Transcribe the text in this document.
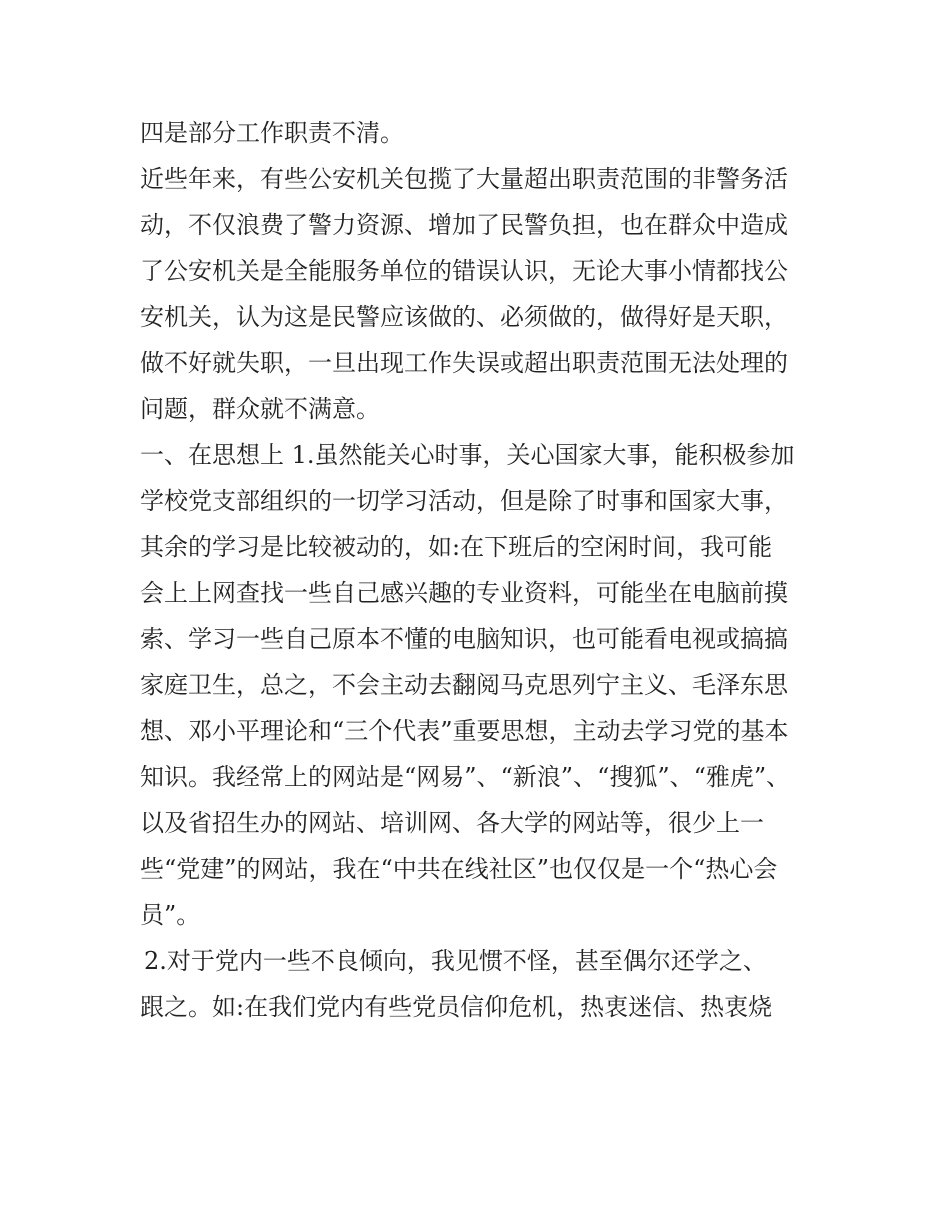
四是部分工作职责不清。
近些年来，有些公安机关包揽了大量超出职责范围的非警务活
动，不仅浪费了警力资源、增加了民警负担，也在群众中造成
了公安机关是全能服务单位的错误认识，无论大事小情都找公
安机关，认为这是民警应该做的、必须做的，做得好是天职，
做不好就失职，一旦出现工作失误或超出职责范围无法处理的
问题，群众就不满意。
一、在思想上 1.虽然能关心时事，关心国家大事，能积极参加
学校党支部组织的一切学习活动，但是除了时事和国家大事，
其余的学习是比较被动的，如:在下班后的空闲时间，我可能
会上上网查找一些自己感兴趣的专业资料，可能坐在电脑前摸
索、学习一些自己原本不懂的电脑知识，也可能看电视或搞搞
家庭卫生，总之，不会主动去翻阅马克思列宁主义、毛泽东思
想、邓小平理论和“三个代表”重要思想，主动去学习党的基本
知识。我经常上的网站是“网易”、“新浪”、“搜狐”、“雅虎”、
以及省招生办的网站、培训网、各大学的网站等，很少上一
些“党建”的网站，我在“中共在线社区”也仅仅是一个“热心会
员”。
2.对于党内一些不良倾向，我见惯不怪，甚至偶尔还学之、
跟之。如:在我们党内有些党员信仰危机，热衷迷信、热衷烧
